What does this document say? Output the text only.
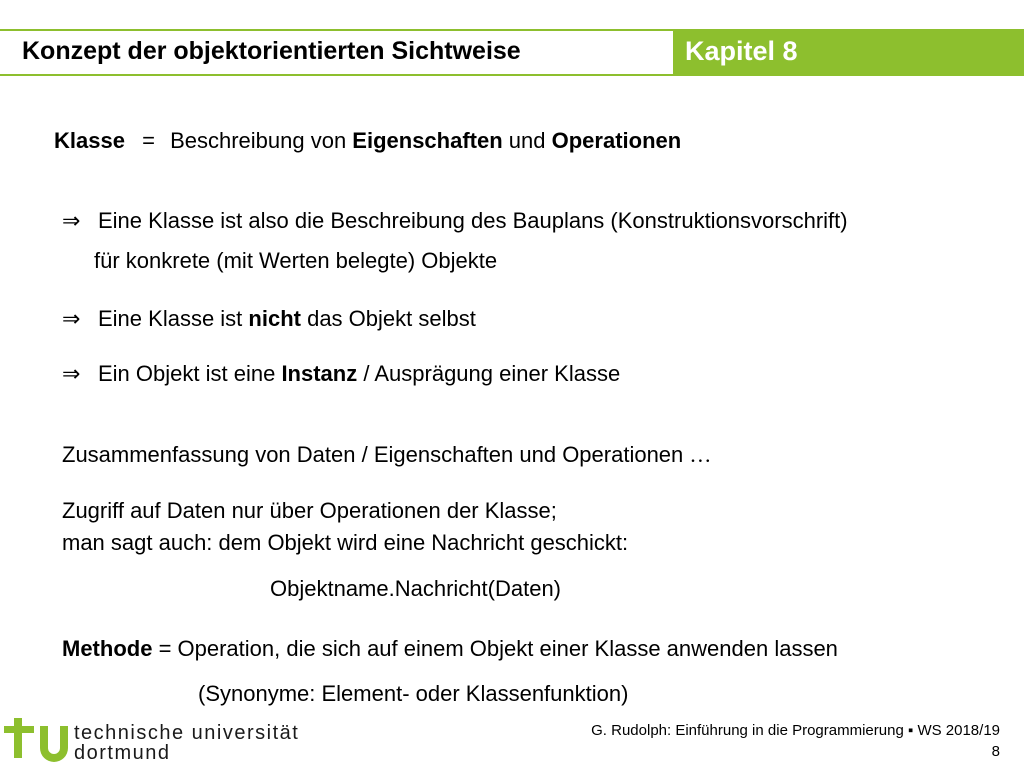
Kapitel 8
Konzept der objektorientierten Sichtweise
Klasse = Beschreibung von Eigenschaften und Operationen
⇒ Eine Klasse ist also die Beschreibung des Bauplans (Konstruktionsvorschrift)
für konkrete (mit Werten belegte) Objekte
⇒ Eine Klasse ist nicht das Objekt selbst
⇒ Ein Objekt ist eine Instanz / Ausprägung einer Klasse
Zusammenfassung von Daten / Eigenschaften und Operationen …
Zugriff auf Daten nur über Operationen der Klasse;
man sagt auch: dem Objekt wird eine Nachricht geschickt:
Objektname.Nachricht(Daten)
Methode = Operation, die sich auf einem Objekt einer Klasse anwenden lassen
(Synonyme: Element- oder Klassenfunktion)
technische universität
dortmund
G. Rudolph: Einführung in die Programmierung ▪ WS 2018/19
8
